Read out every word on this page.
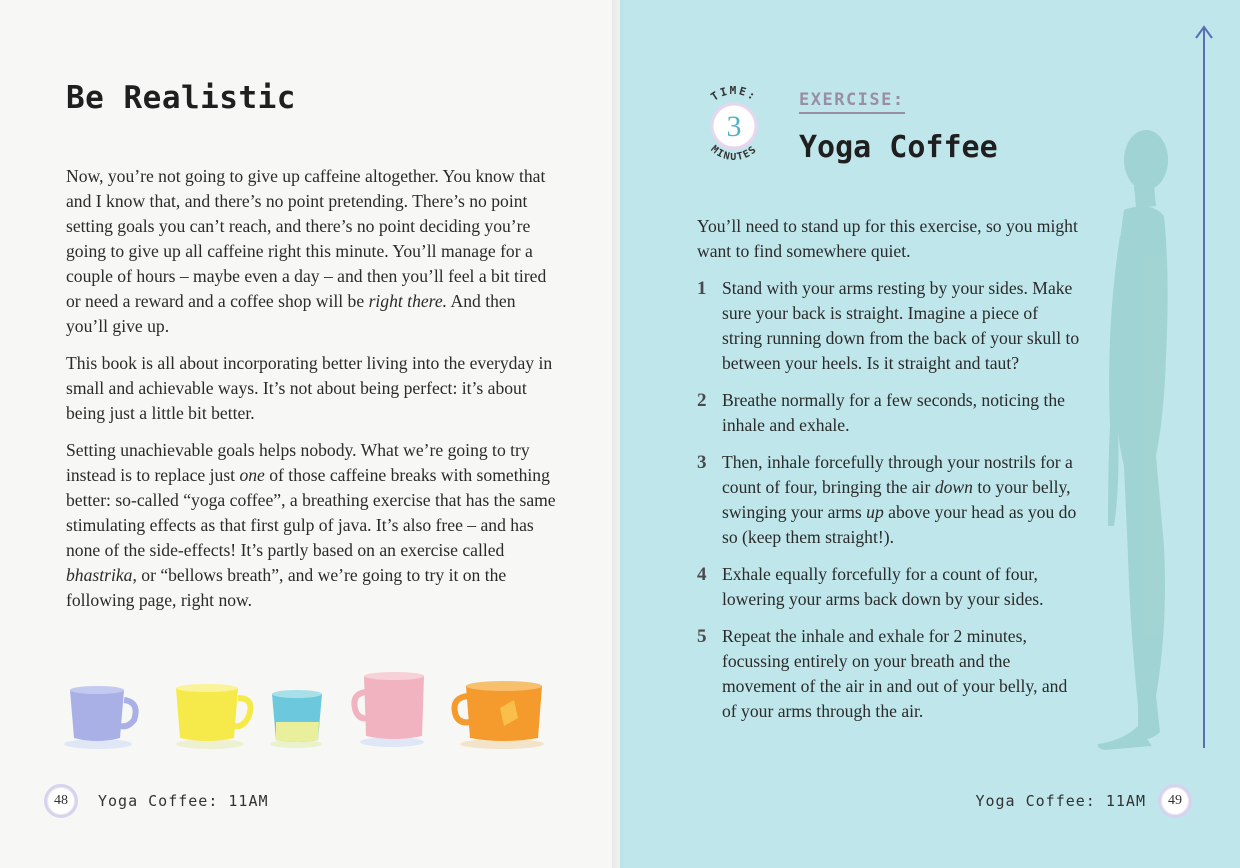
Be Realistic

Now, you’re not going to give up caffeine altogether. You know that and I know that, and there’s no point pretending. There’s no point setting goals you can’t reach, and there’s no point deciding you’re going to give up all caffeine right this minute. You’ll manage for a couple of hours – maybe even a day – and then you’ll feel a bit tired or need a reward and a coffee shop will be right there. And then you’ll give up.

This book is all about incorporating better living into the everyday in small and achievable ways. It’s not about being perfect: it’s about being just a little bit better.

Setting unachievable goals helps nobody. What we’re going to try instead is to replace just one of those caffeine breaks with something better: so-called “yoga coffee”, a breathing exercise that has the same stimulating effects as that first gulp of java. It’s also free – and has none of the side-effects! It’s partly based on an exercise called bhastrika, or “bellows breath”, and we’re going to try it on the following page, right now.

48	Yoga Coffee: 11AM
TIME:
3
MINUTES
EXERCISE:
Yoga Coffee

You’ll need to stand up for this exercise, so you might want to find somewhere quiet.

1 Stand with your arms resting by your sides. Make sure your back is straight. Imagine a piece of string running down from the back of your skull to between your heels. Is it straight and taut?
2 Breathe normally for a few seconds, noticing the inhale and exhale.
3 Then, inhale forcefully through your nostrils for a count of four, bringing the air down to your belly, swinging your arms up above your head as you do so (keep them straight!).
4 Exhale equally forcefully for a count of four, lowering your arms back down by your sides.
5 Repeat the inhale and exhale for 2 minutes, focussing entirely on your breath and the movement of the air in and out of your belly, and of your arms through the air.
Yoga Coffee: 11AM	49
